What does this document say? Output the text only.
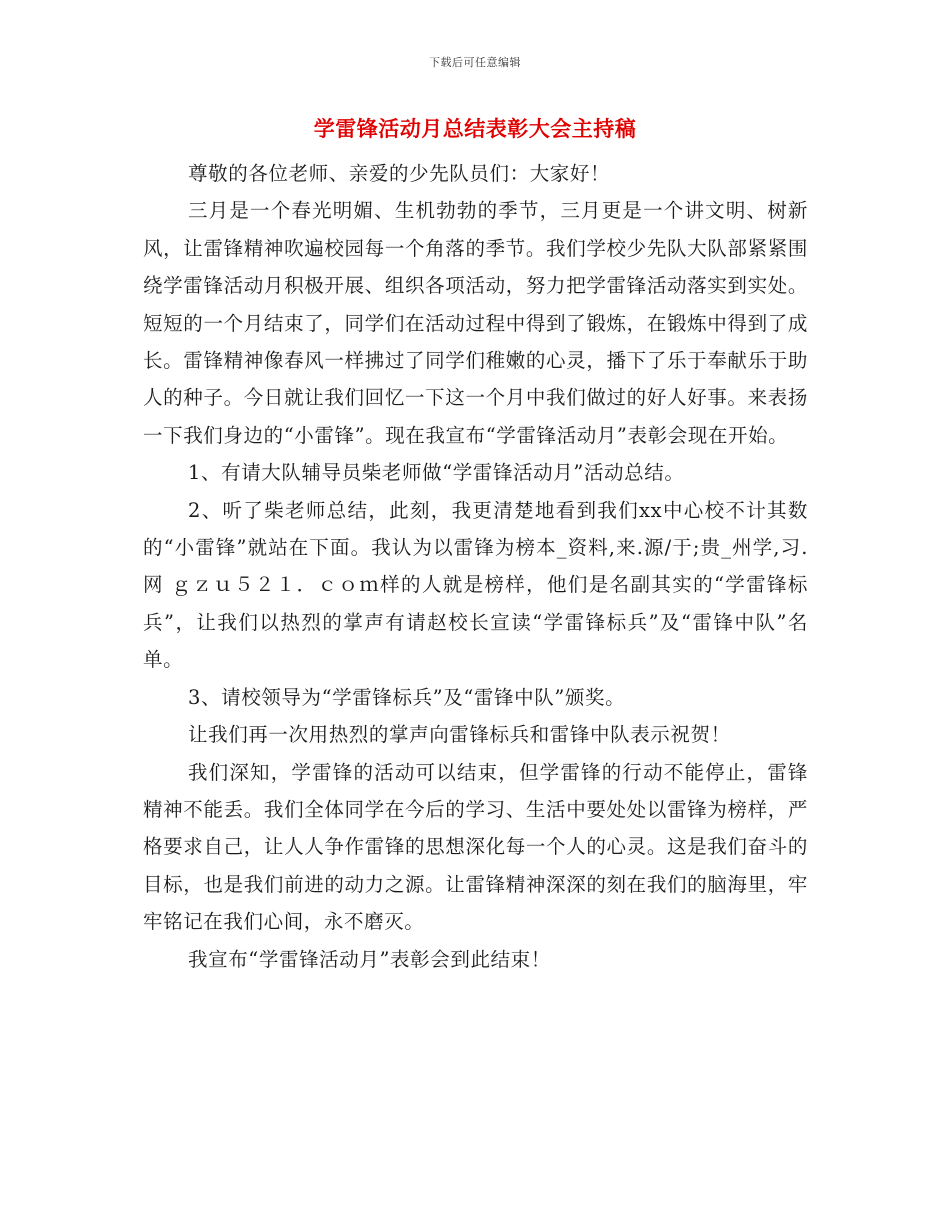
下载后可任意编辑
学雷锋活动月总结表彰大会主持稿

尊敬的各位老师、亲爱的少先队员们：大家好！

三月是一个春光明媚、生机勃勃的季节，三月更是一个讲文明、树新风，让雷锋精神吹遍校园每一个角落的季节。我们学校少先队大队部紧紧围绕学雷锋活动月积极开展、组织各项活动，努力把学雷锋活动落实到实处。短短的一个月结束了，同学们在活动过程中得到了锻炼，在锻炼中得到了成长。雷锋精神像春风一样拂过了同学们稚嫩的心灵，播下了乐于奉献乐于助人的种子。今日就让我们回忆一下这一个月中我们做过的好人好事。来表扬一下我们身边的“小雷锋”。现在我宣布“学雷锋活动月”表彰会现在开始。

1、有请大队辅导员柴老师做“学雷锋活动月”活动总结。

2、听了柴老师总结，此刻，我更清楚地看到我们xx中心校不计其数的“小雷锋”就站在下面。我认为以雷锋为榜本_资料,来.源/于;贵_州学,习.网 ｇｚｕ５２１．ｃｏｍ样的人就是榜样，他们是名副其实的“学雷锋标兵”，让我们以热烈的掌声有请赵校长宣读“学雷锋标兵”及“雷锋中队”名单。

3、请校领导为“学雷锋标兵”及“雷锋中队”颁奖。

让我们再一次用热烈的掌声向雷锋标兵和雷锋中队表示祝贺！

我们深知，学雷锋的活动可以结束，但学雷锋的行动不能停止，雷锋精神不能丢。我们全体同学在今后的学习、生活中要处处以雷锋为榜样，严格要求自己，让人人争作雷锋的思想深化每一个人的心灵。这是我们奋斗的目标，也是我们前进的动力之源。让雷锋精神深深的刻在我们的脑海里，牢牢铭记在我们心间，永不磨灭。

我宣布“学雷锋活动月”表彰会到此结束！
